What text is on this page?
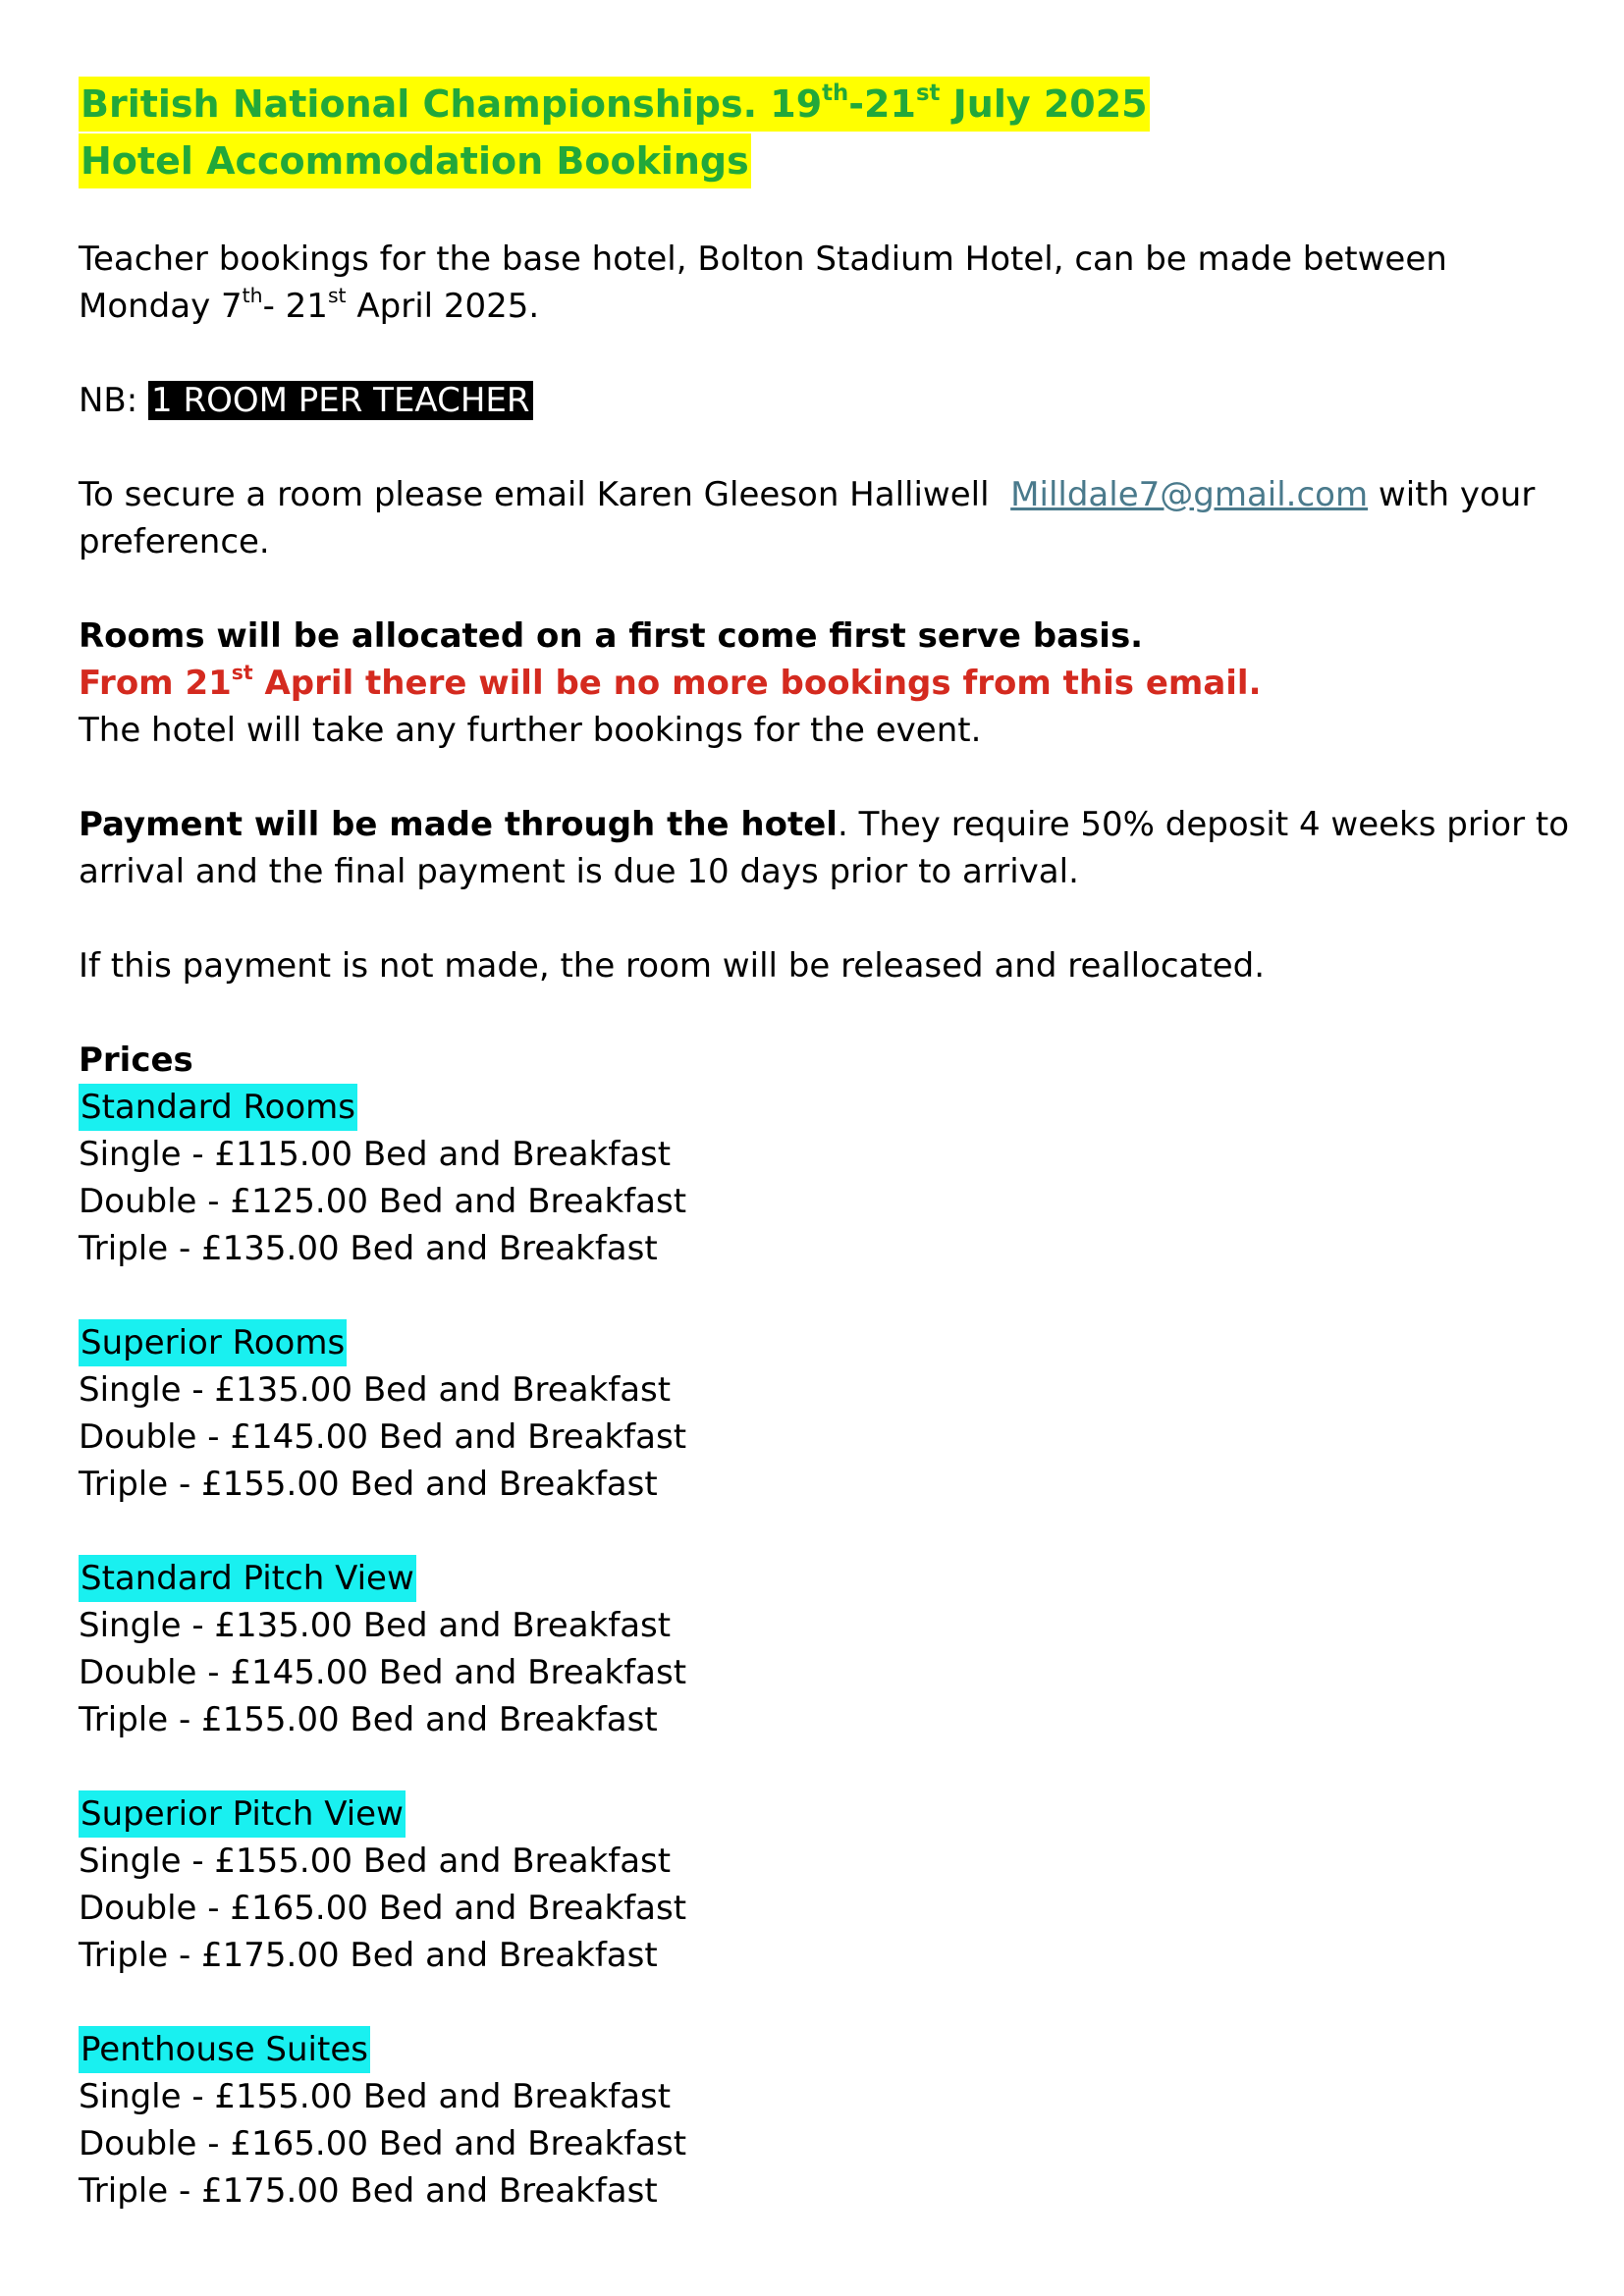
British National Championships. 19th-21st July 2025
Hotel Accommodation Bookings
Teacher bookings for the base hotel, Bolton Stadium Hotel, can be made between
Monday 7th- 21st April 2025.
NB: 1 ROOM PER TEACHER
To secure a room please email Karen Gleeson Halliwell  Milldale7@gmail.com with your
preference.
Rooms will be allocated on a first come first serve basis.
From 21st April there will be no more bookings from this email.
The hotel will take any further bookings for the event.
Payment will be made through the hotel. They require 50% deposit 4 weeks prior to
arrival and the final payment is due 10 days prior to arrival.
If this payment is not made, the room will be released and reallocated.
Prices
Standard Rooms
Single - £115.00 Bed and Breakfast
Double - £125.00 Bed and Breakfast
Triple - £135.00 Bed and Breakfast
Superior Rooms
Single - £135.00 Bed and Breakfast
Double - £145.00 Bed and Breakfast
Triple - £155.00 Bed and Breakfast
Standard Pitch View
Single - £135.00 Bed and Breakfast
Double - £145.00 Bed and Breakfast
Triple - £155.00 Bed and Breakfast
Superior Pitch View
Single - £155.00 Bed and Breakfast
Double - £165.00 Bed and Breakfast
Triple - £175.00 Bed and Breakfast
Penthouse Suites
Single - £155.00 Bed and Breakfast
Double - £165.00 Bed and Breakfast
Triple - £175.00 Bed and Breakfast
